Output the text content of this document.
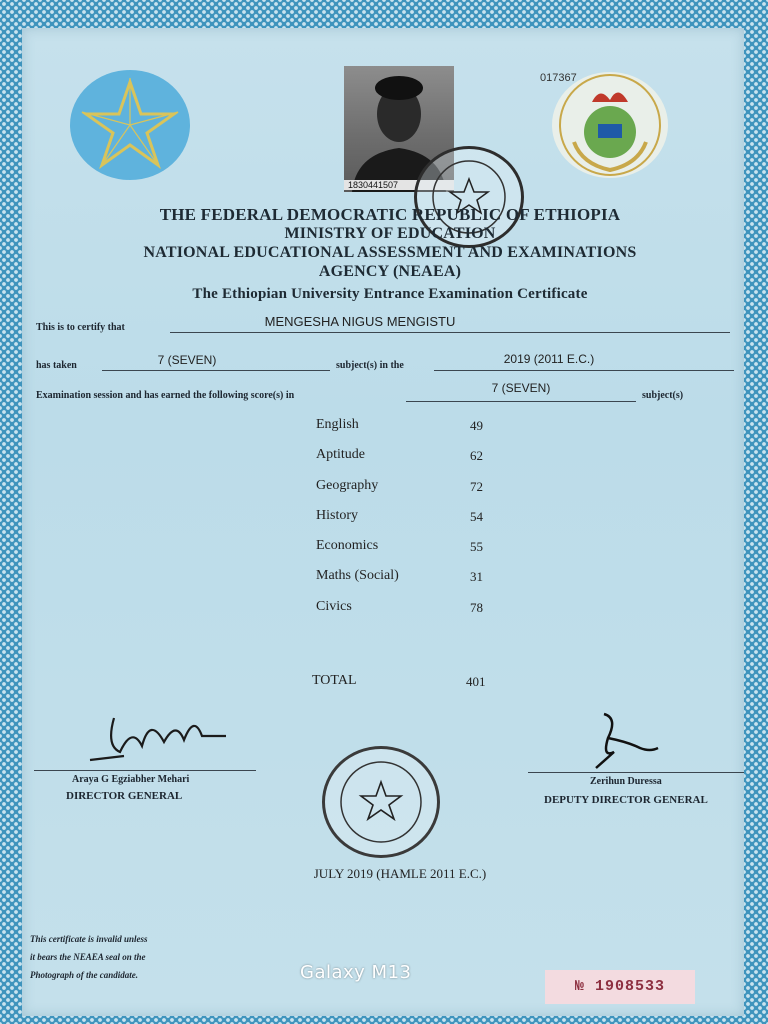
1830441507
017367
THE FEDERAL DEMOCRATIC REPUBLIC OF ETHIOPIA
MINISTRY OF EDUCATION
NATIONAL EDUCATIONAL ASSESSMENT AND EXAMINATIONS
AGENCY (NEAEA)
The Ethiopian University Entrance Examination Certificate
This is to certify that	MENGESHA NIGUS MENGISTU
has taken	7 (SEVEN)	subject(s) in the	2019 (2011 E.C.)
Examination session and has earned the following score(s) in
7 (SEVEN)
subject(s)
English	49
Aptitude	62
Geography	72
History	54
Economics	55
Maths (Social)	31
Civics	78
TOTAL	401
Araya G Egziabher Mehari
DIRECTOR GENERAL
Zerihun Duressa
DEPUTY DIRECTOR GENERAL
JULY 2019 (HAMLE 2011 E.C.)
This certificate is invalid unless
it bears the NEAEA seal on the
Photograph of the candidate.	Galaxy M13
№ 1908533
